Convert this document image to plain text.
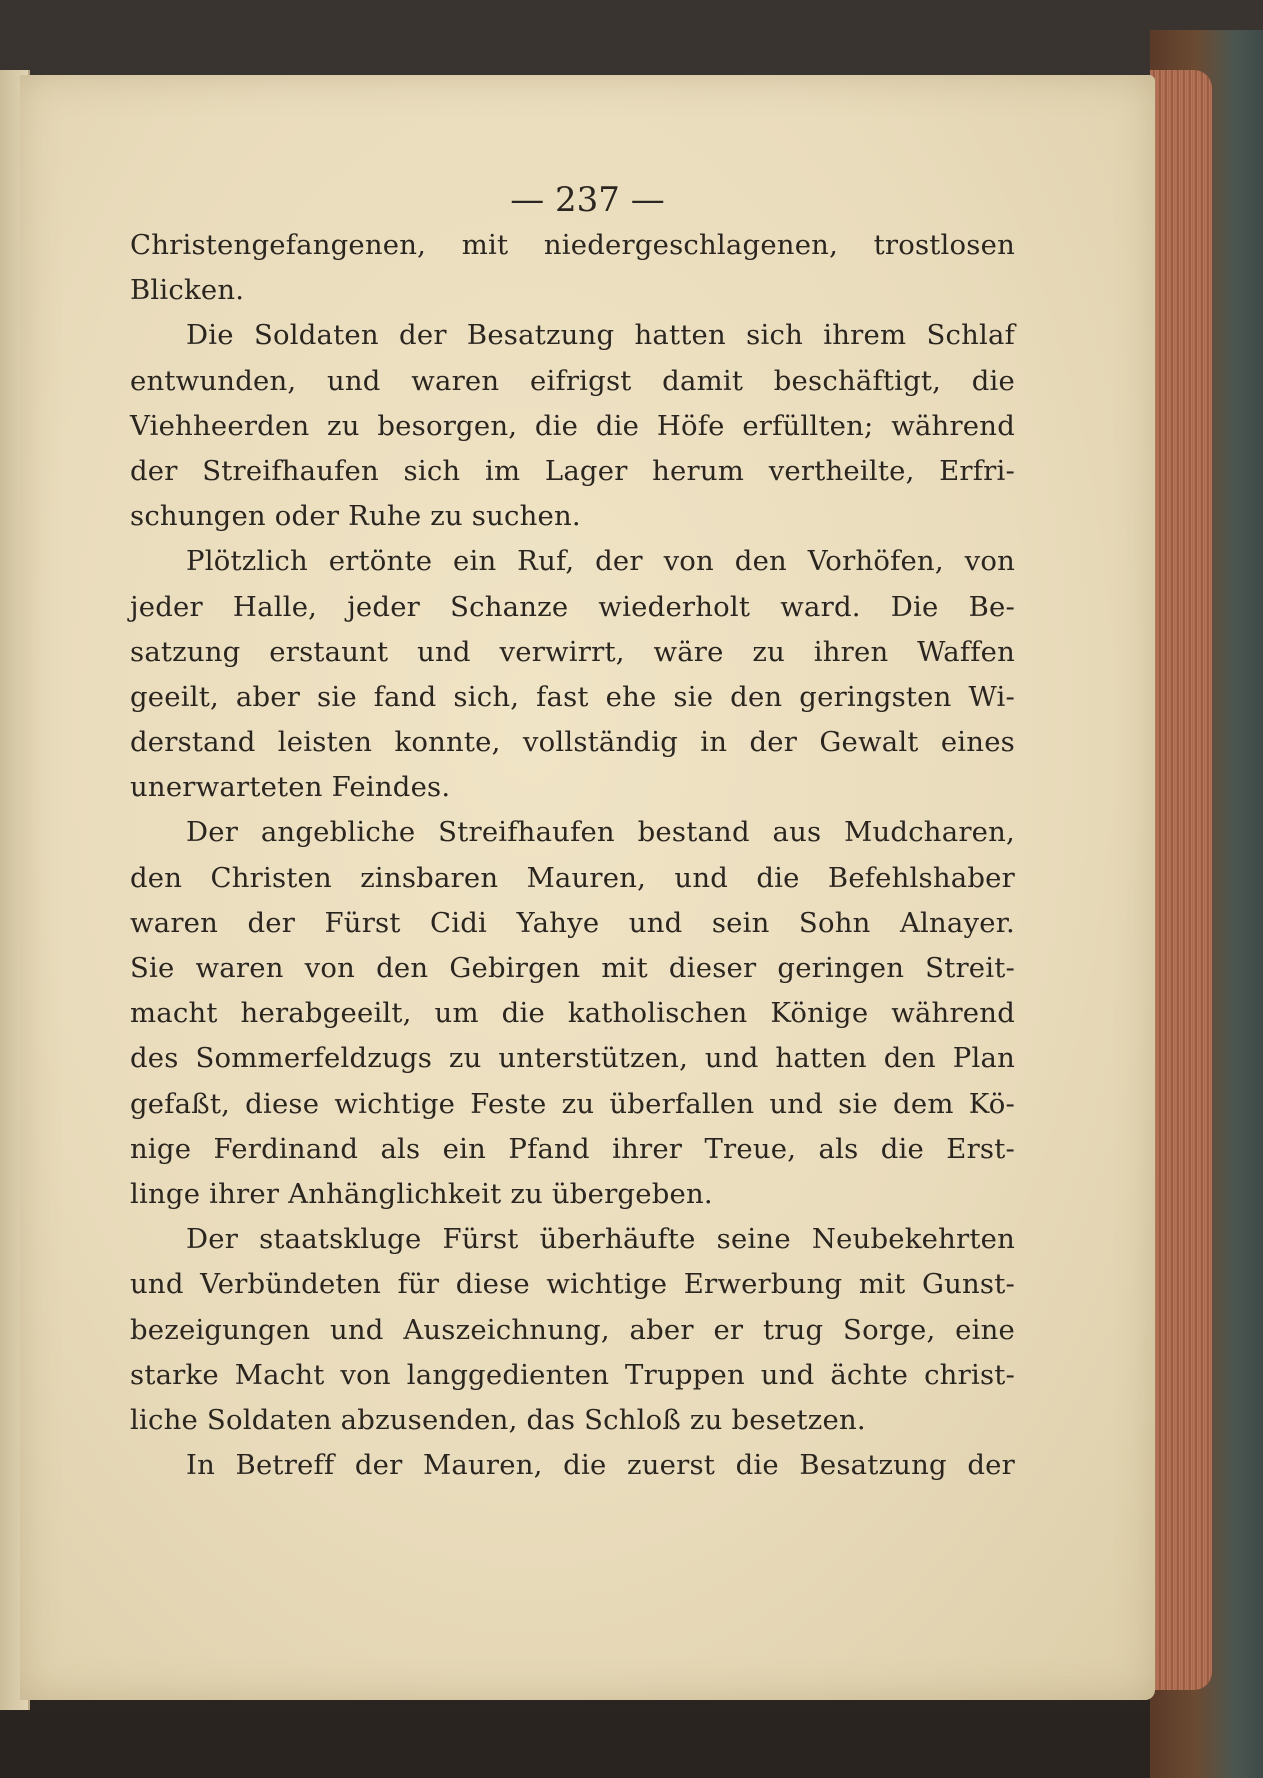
— 237 —
Christengefangenen, mit niedergeschlagenen, trostlosen
Blicken.
Die Soldaten der Besatzung hatten sich ihrem Schlaf
entwunden, und waren eifrigst damit beschäftigt, die
Viehheerden zu besorgen, die die Höfe erfüllten; während
der Streifhaufen sich im Lager herum vertheilte, Erfri-
schungen oder Ruhe zu suchen.
Plötzlich ertönte ein Ruf, der von den Vorhöfen, von
jeder Halle, jeder Schanze wiederholt ward. Die Be-
satzung erstaunt und verwirrt, wäre zu ihren Waffen
geeilt, aber sie fand sich, fast ehe sie den geringsten Wi-
derstand leisten konnte, vollständig in der Gewalt eines
unerwarteten Feindes.
Der angebliche Streifhaufen bestand aus Mudcharen,
den Christen zinsbaren Mauren, und die Befehlshaber
waren der Fürst Cidi Yahye und sein Sohn Alnayer.
Sie waren von den Gebirgen mit dieser geringen Streit-
macht herabgeeilt, um die katholischen Könige während
des Sommerfeldzugs zu unterstützen, und hatten den Plan
gefaßt, diese wichtige Feste zu überfallen und sie dem Kö-
nige Ferdinand als ein Pfand ihrer Treue, als die Erst-
linge ihrer Anhänglichkeit zu übergeben.
Der staatskluge Fürst überhäufte seine Neubekehrten
und Verbündeten für diese wichtige Erwerbung mit Gunst-
bezeigungen und Auszeichnung, aber er trug Sorge, eine
starke Macht von langgedienten Truppen und ächte christ-
liche Soldaten abzusenden, das Schloß zu besetzen.
In Betreff der Mauren, die zuerst die Besatzung der
